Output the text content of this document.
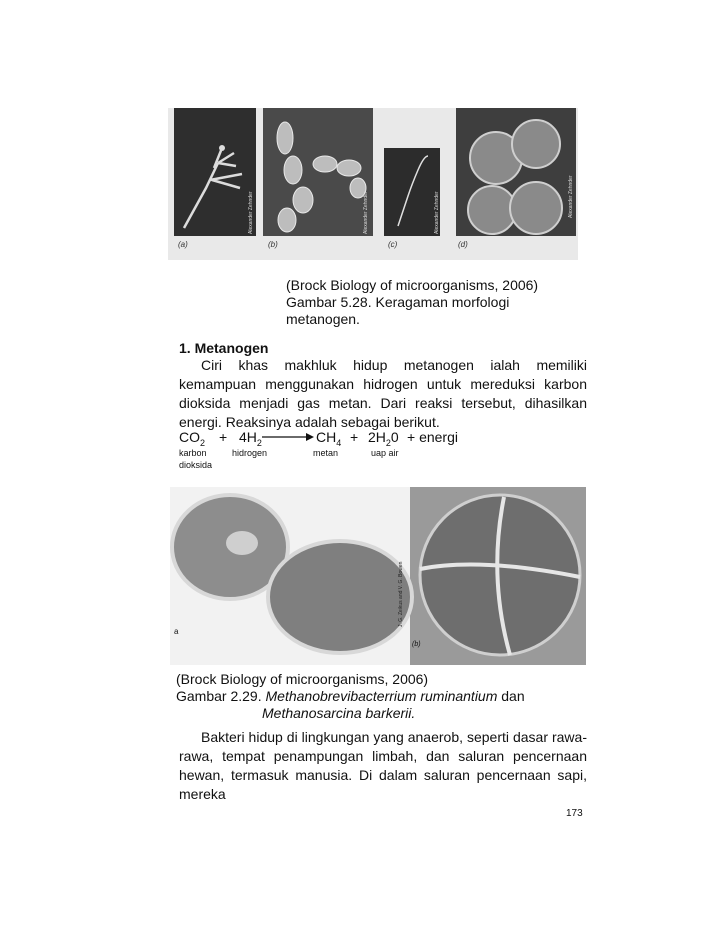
Alexander Zehnder
(a)
Alexander Zehnder
(b)
Alexander Zehnder
(c)
Alexander Zehnder
(d)
(Brock Biology of microorganisms, 2006)
Gambar 5.28. Keragaman morfologi
metanogen.
1. Metanogen

Ciri khas makhluk hidup metanogen ialah memiliki kemampuan menggunakan hidrogen untuk mereduksi karbon dioksida menjadi gas metan. Dari reaksi tersebut, dihasilkan energi. Reaksinya adalah sebagai berikut.

$CO_2 + 4H_2 \to CH_4 + 2H_20$ + energi
karbon
dioksida
hidrogen	metan	uap air
a
(b)
J. G. Zeikus and V. G. Bowen
(Brock Biology of microorganisms, 2006)
Gambar 2.29. Methanobrevibacterrium ruminantium dan
Methanosarcina barkerii.

Bakteri hidup di lingkungan yang anaerob, seperti dasar rawa-rawa, tempat penampungan limbah, dan saluran pencernaan hewan, termasuk manusia. Di dalam saluran pencernaan sapi, mereka

173
